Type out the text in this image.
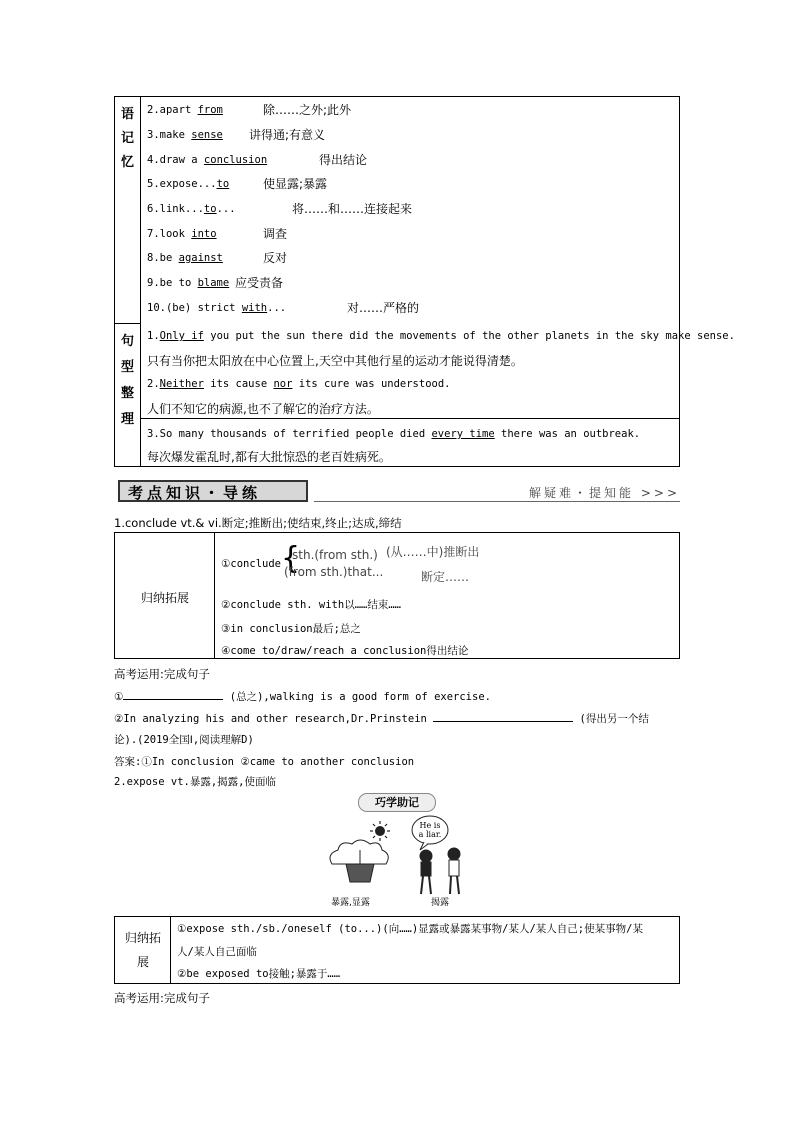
语
记
忆
句
型
整
理
2.apart from	除……之外;此外
3.make sense 讲得通;有意义
4.draw a conclusion	得出结论
5.expose...to	使显露;暴露
6.link...to...	将……和……连接起来
7.look into	调查
8.be against	反对
9.be to blame 应受责备
10.(be) strict with...	对……严格的
1.Only if you put the sun there did the movements of the other planets in the sky make sense.
只有当你把太阳放在中心位置上,天空中其他行星的运动才能说得清楚。
2.Neither its cause nor its cure was understood.
人们不知它的病源,也不了解它的治疗方法。
3.So many thousands of terrified people died every time there was an outbreak.
每次爆发霍乱时,都有大批惊恐的老百姓病死。
考点知识・导练	解疑难・提知能 >>>
1.conclude vt.& vi.断定;推断出;使结束,终止;达成,缔结
归纳拓展
①conclude {
sth.(from sth.)
(from sth.)that...
(从……中)推断出
断定……
②conclude sth. with以……结束……
③in conclusion最后;总之
④come to/draw/reach a conclusion得出结论
高考运用:完成句子
①	(总之),walking is a good form of exercise.
②In analyzing his and other research,Dr.Prinstein	(得出另一个结
论).(2019全国Ⅰ,阅读理解D)
答案:①In conclusion ②came to another conclusion
2.expose vt.暴露,揭露,使面临
巧学助记
He is
a liar.
暴露,显露	揭露
归纳拓
展
①expose sth./sb./oneself (to...)(向……)显露或暴露某事物/某人/某人自己;使某事物/某
人/某人自己面临
②be exposed to接触;暴露于……
高考运用:完成句子
